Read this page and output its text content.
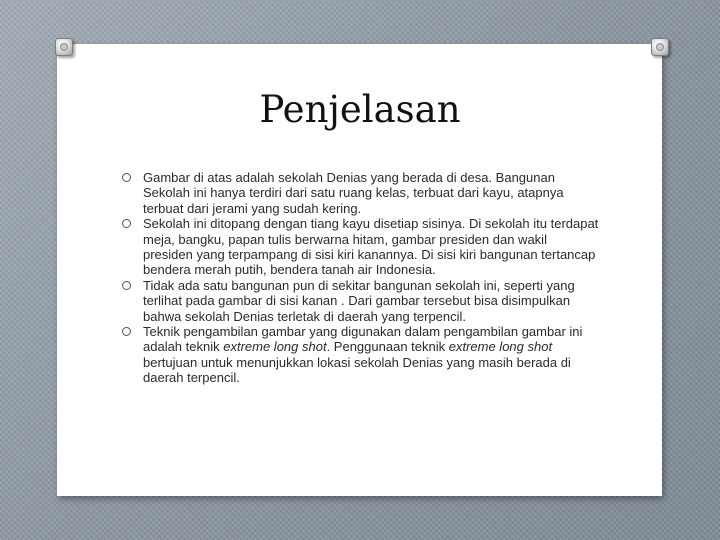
Penjelasan
Gambar di atas adalah sekolah Denias yang berada di desa. Bangunan Sekolah ini hanya terdiri dari satu ruang kelas, terbuat dari kayu, atapnya terbuat dari jerami yang sudah kering.
Sekolah ini ditopang dengan tiang kayu disetiap sisinya. Di sekolah itu terdapat meja, bangku, papan tulis berwarna hitam, gambar presiden dan wakil presiden yang terpampang di sisi kiri kanannya. Di sisi kiri bangunan tertancap bendera merah putih, bendera tanah air Indonesia.
Tidak ada satu bangunan pun di sekitar bangunan sekolah ini, seperti yang terlihat pada gambar di sisi kanan . Dari gambar tersebut bisa disimpulkan bahwa sekolah Denias terletak di daerah yang terpencil.
Teknik pengambilan gambar yang digunakan dalam pengambilan gambar ini adalah teknik extreme long shot. Penggunaan teknik extreme long shot bertujuan untuk menunjukkan lokasi sekolah Denias yang masih berada di daerah terpencil.
